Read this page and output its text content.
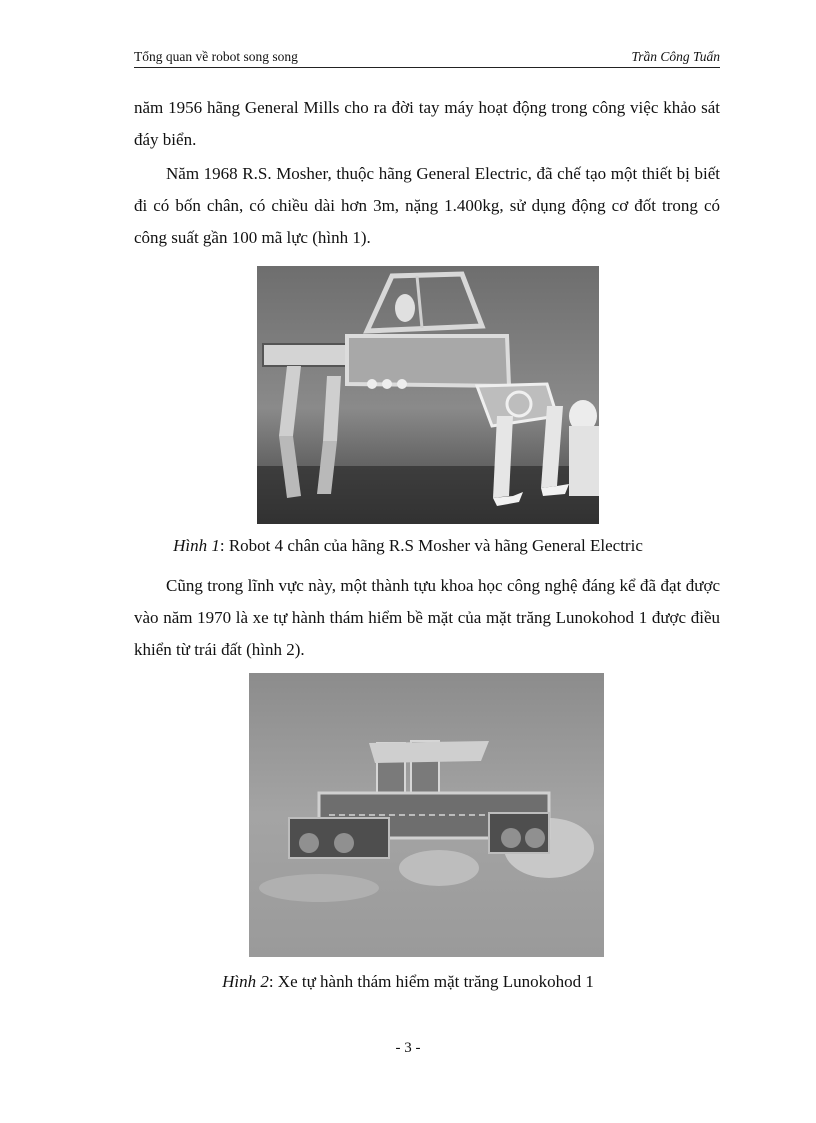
Tổng quan về robot song song	Trần Công Tuấn

năm 1956 hãng General Mills cho ra đời tay máy hoạt động trong công việc khảo sát đáy biển.

Năm 1968 R.S. Mosher, thuộc hãng General Electric, đã chế tạo một thiết bị biết đi có bốn chân, có chiều dài hơn 3m, nặng 1.400kg, sử dụng động cơ đốt trong có công suất gần 100 mã lực (hình 1).

Hình 1: Robot 4 chân của hãng R.S Mosher và hãng General Electric

Cũng trong lĩnh vực này, một thành tựu khoa học công nghệ đáng kể đã đạt được vào năm 1970 là xe tự hành thám hiểm bề mặt của mặt trăng Lunokohod 1 được điều khiển từ trái đất (hình 2).

Hình 2: Xe tự hành thám hiểm mặt trăng Lunokohod 1
- 3 -
